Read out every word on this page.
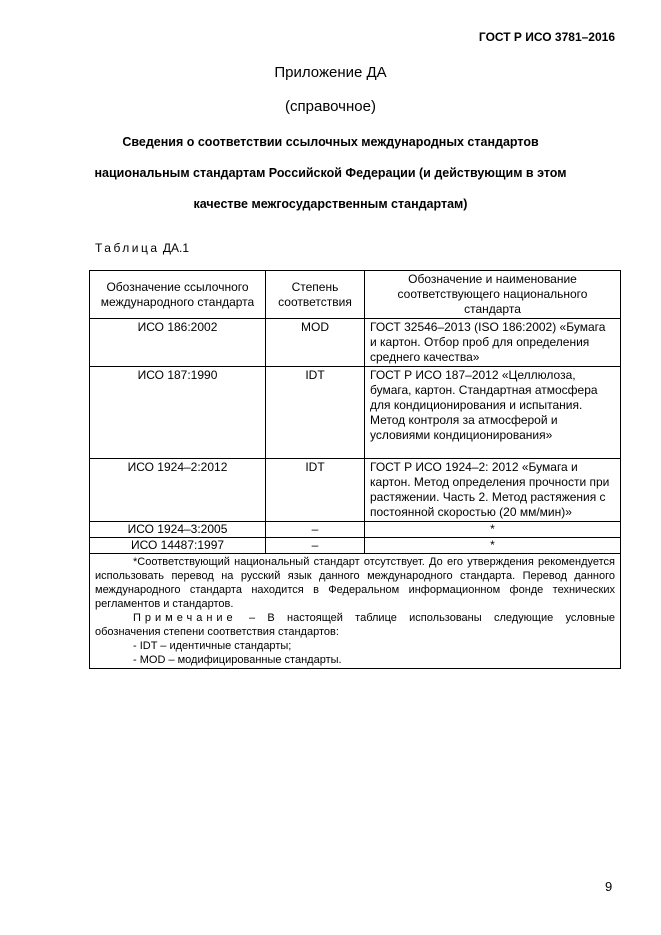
ГОСТ Р ИСО 3781–2016
Приложение ДА
(справочное)
Сведения о соответствии ссылочных международных стандартов
национальным стандартам Российской Федерации (и действующим в этом
качестве межгосударственным стандартам)
Таблица ДА.1
Обозначение ссылочного международного стандарта	Степень соответствия	Обозначение и наименование соответствующего национального стандарта
ИСО 186:2002	MOD	ГОСТ 32546–2013 (ISO 186:2002) «Бумага и картон. Отбор проб для определения среднего качества»
ИСО 187:1990	IDT	ГОСТ Р ИСО 187–2012 «Целлюлоза, бумага, картон. Стандартная атмосфера для кондиционирования и испытания. Метод контроля за атмосферой и условиями кондиционирования»
ИСО 1924–2:2012	IDT	ГОСТ Р ИСО 1924–2: 2012 «Бумага и картон. Метод определения прочности при растяжении. Часть 2. Метод растяжения с постоянной скоростью (20 мм/мин)»
ИСО 1924–3:2005	–	*
ИСО 14487:1997	–	*

*Соответствующий национальный стандарт отсутствует. До его утверждения рекомендуется использовать перевод на русский язык данного международного стандарта. Перевод данного международного стандарта находится в Федеральном информационном фонде технических регламентов и стандартов.

Примечание – В настоящей таблице использованы следующие условные обозначения степени соответствия стандартов:

- IDT – идентичные стандарты;

- MOD – модифицированные стандарты.		

9
